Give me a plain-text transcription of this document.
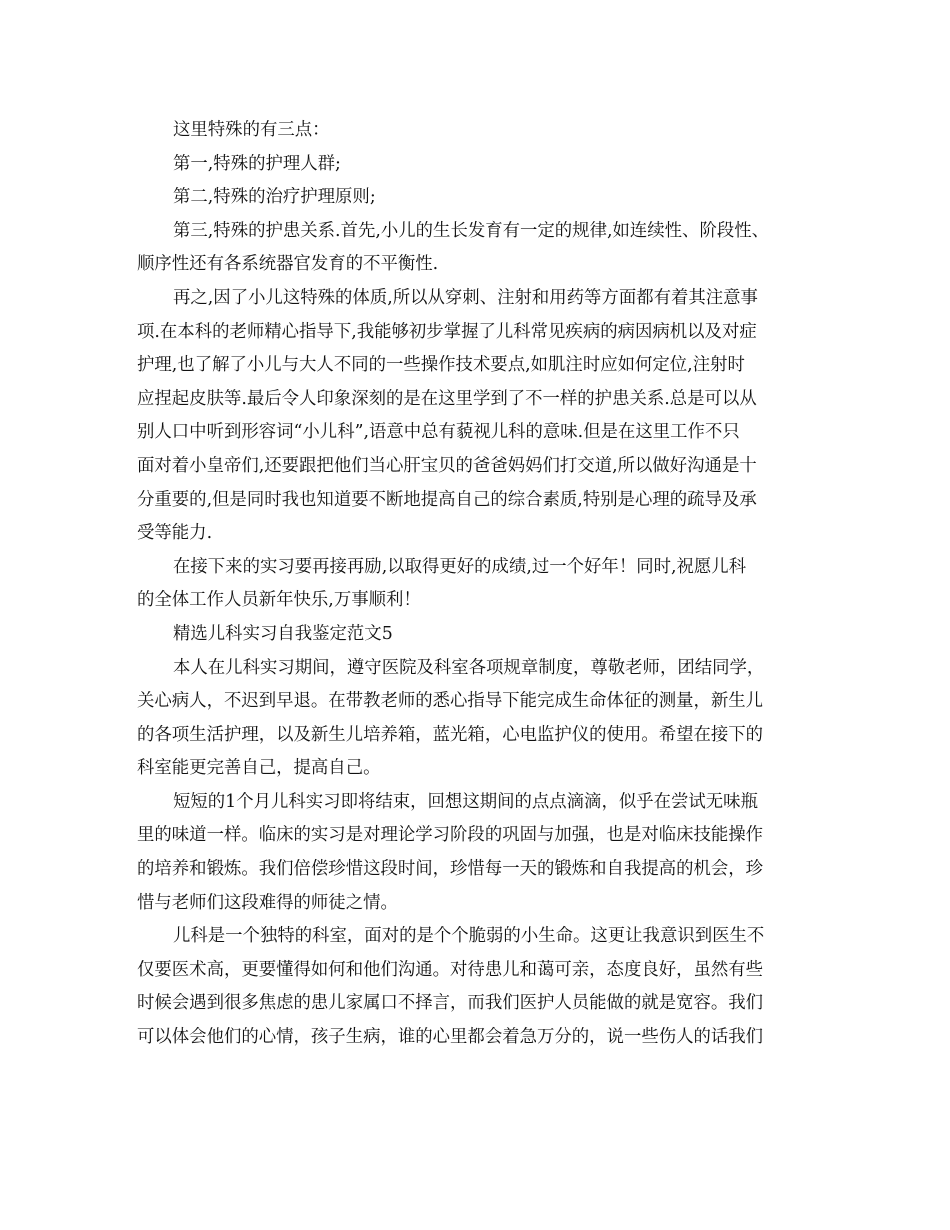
这里特殊的有三点：
第一,特殊的护理人群;
第二,特殊的治疗护理原则;
第三,特殊的护患关系.首先,小儿的生长发育有一定的规律,如连续性、阶段性、
顺序性还有各系统器官发育的不平衡性.
再之,因了小儿这特殊的体质,所以从穿刺、注射和用药等方面都有着其注意事
项.在本科的老师精心指导下,我能够初步掌握了儿科常见疾病的病因病机以及对症
护理,也了解了小儿与大人不同的一些操作技术要点,如肌注时应如何定位,注射时
应捏起皮肤等.最后令人印象深刻的是在这里学到了不一样的护患关系.总是可以从
别人口中听到形容词“小儿科”,语意中总有藐视儿科的意味.但是在这里工作不只
面对着小皇帝们,还要跟把他们当心肝宝贝的爸爸妈妈们打交道,所以做好沟通是十
分重要的,但是同时我也知道要不断地提高自己的综合素质,特别是心理的疏导及承
受等能力.
在接下来的实习要再接再励,以取得更好的成绩,过一个好年！同时,祝愿儿科
的全体工作人员新年快乐,万事顺利！
精选儿科实习自我鉴定范文5
本人在儿科实习期间，遵守医院及科室各项规章制度，尊敬老师，团结同学，
关心病人，不迟到早退。在带教老师的悉心指导下能完成生命体征的测量，新生儿
的各项生活护理，以及新生儿培养箱，蓝光箱，心电监护仪的使用。希望在接下的
科室能更完善自己，提高自己。
短短的1个月儿科实习即将结束，回想这期间的点点滴滴，似乎在尝试无味瓶
里的味道一样。临床的实习是对理论学习阶段的巩固与加强，也是对临床技能操作
的培养和锻炼。我们倍偿珍惜这段时间，珍惜每一天的锻炼和自我提高的机会，珍
惜与老师们这段难得的师徒之情。
儿科是一个独特的科室，面对的是个个脆弱的小生命。这更让我意识到医生不
仅要医术高，更要懂得如何和他们沟通。对待患儿和蔼可亲，态度良好，虽然有些
时候会遇到很多焦虑的患儿家属口不择言，而我们医护人员能做的就是宽容。我们
可以体会他们的心情，孩子生病，谁的心里都会着急万分的，说一些伤人的话我们
